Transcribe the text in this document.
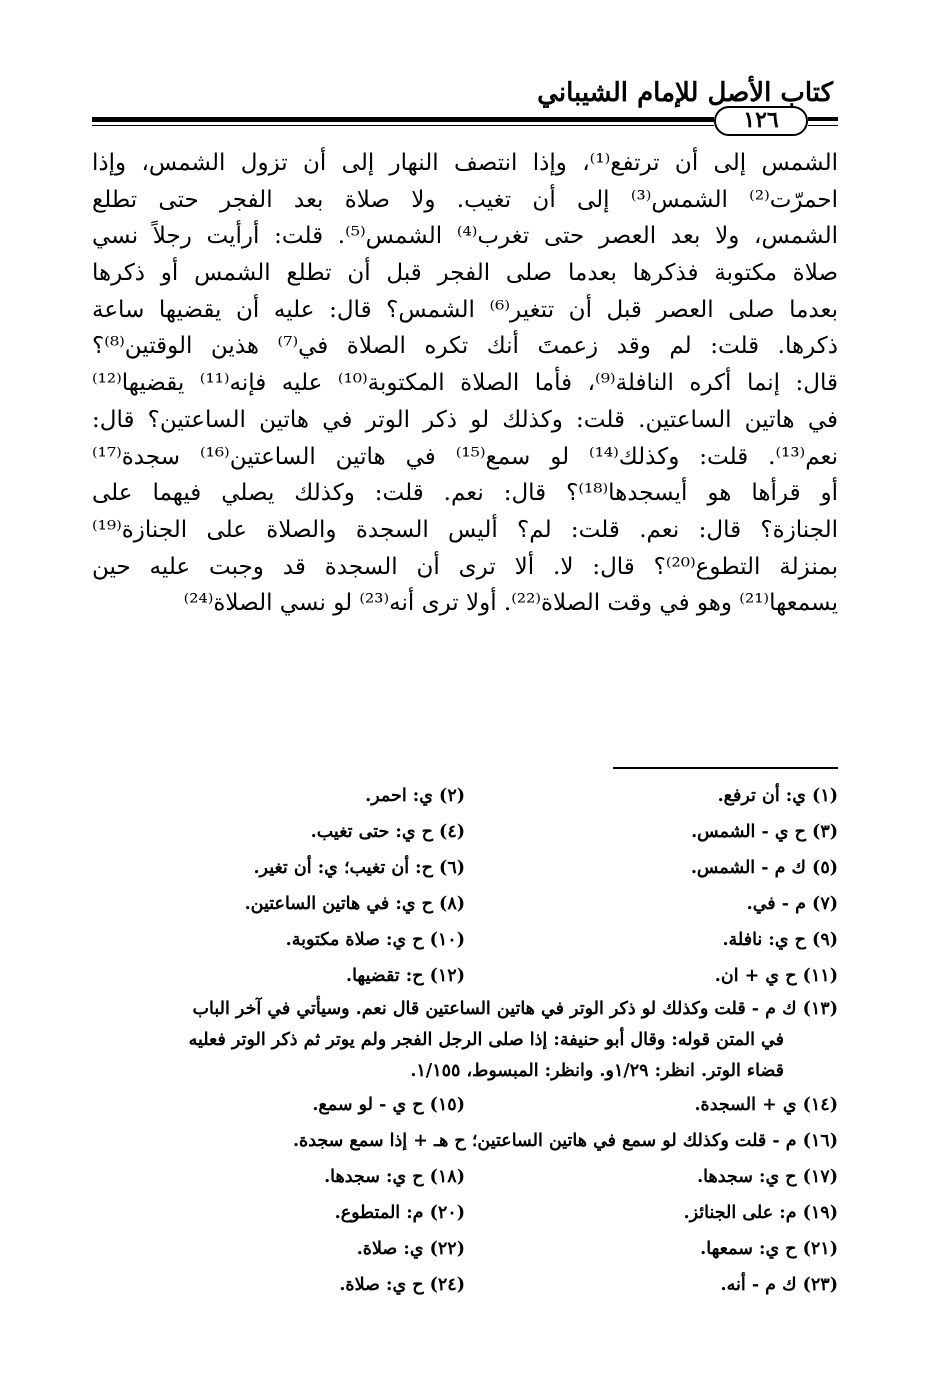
كتاب الأصل للإمام الشيباني
١٢٦
الشمس إلى أن ترتفع⁽¹⁾، وإذا انتصف النهار إلى أن تزول الشمس، وإذا
احمرّت⁽²⁾ الشمس⁽³⁾ إلى أن تغيب. ولا صلاة بعد الفجر حتى تطلع
الشمس، ولا بعد العصر حتى تغرب⁽⁴⁾ الشمس⁽⁵⁾. قلت: أرأيت رجلاً نسي
صلاة مكتوبة فذكرها بعدما صلى الفجر قبل أن تطلع الشمس أو ذكرها
بعدما صلى العصر قبل أن تتغير⁽⁶⁾ الشمس؟ قال: عليه أن يقضيها ساعة
ذكرها. قلت: لم وقد زعمتَ أنك تكره الصلاة في⁽⁷⁾ هذين الوقتين⁽⁸⁾؟
قال: إنما أكره النافلة⁽⁹⁾، فأما الصلاة المكتوبة⁽¹⁰⁾ عليه فإنه⁽¹¹⁾ يقضيها⁽¹²⁾
في هاتين الساعتين. قلت: وكذلك لو ذكر الوتر في هاتين الساعتين؟ قال:
نعم⁽¹³⁾. قلت: وكذلك⁽¹⁴⁾ لو سمع⁽¹⁵⁾ في هاتين الساعتين⁽¹⁶⁾ سجدة⁽¹⁷⁾
أو قرأها هو أيسجدها⁽¹⁸⁾؟ قال: نعم. قلت: وكذلك يصلي فيهما على
الجنازة؟ قال: نعم. قلت: لم؟ أليس السجدة والصلاة على الجنازة⁽¹⁹⁾
بمنزلة التطوع⁽²⁰⁾؟ قال: لا. ألا ترى أن السجدة قد وجبت عليه حين
يسمعها⁽²¹⁾ وهو في وقت الصلاة⁽²²⁾. أولا ترى أنه⁽²³⁾ لو نسي الصلاة⁽²⁴⁾
(١) ي: أن ترفع.
(٢) ي: احمر.
(٣) ح ي - الشمس.
(٤) ح ي: حتى تغيب.
(٥) ك م - الشمس.
(٦) ح: أن تغيب؛ ي: أن تغير.
(٧) م - في.
(٨) ح ي: في هاتين الساعتين.
(٩) ح ي: نافلة.
(١٠) ح ي: صلاة مكتوبة.
(١١) ح ي + ان.
(١٢) ح: تقضيها.
(١٣) ك م - قلت وكذلك لو ذكر الوتر في هاتين الساعتين قال نعم. وسيأتي في آخر الباب
في المتن قوله: وقال أبو حنيفة: إذا صلى الرجل الفجر ولم يوتر ثم ذكر الوتر فعليه
قضاء الوتر. انظر: ١/٢٩و. وانظر: المبسوط، ١/١٥٥.
(١٤) ي + السجدة.
(١٥) ح ي - لو سمع.
(١٦) م - قلت وكذلك لو سمع في هاتين الساعتين؛ ح هـ + إذا سمع سجدة.
(١٧) ح ي: سجدها.
(١٨) ح ي: سجدها.
(١٩) م: على الجنائز.
(٢٠) م: المتطوع.
(٢١) ح ي: سمعها.
(٢٢) ي: صلاة.
(٢٣) ك م - أنه.
(٢٤) ح ي: صلاة.
